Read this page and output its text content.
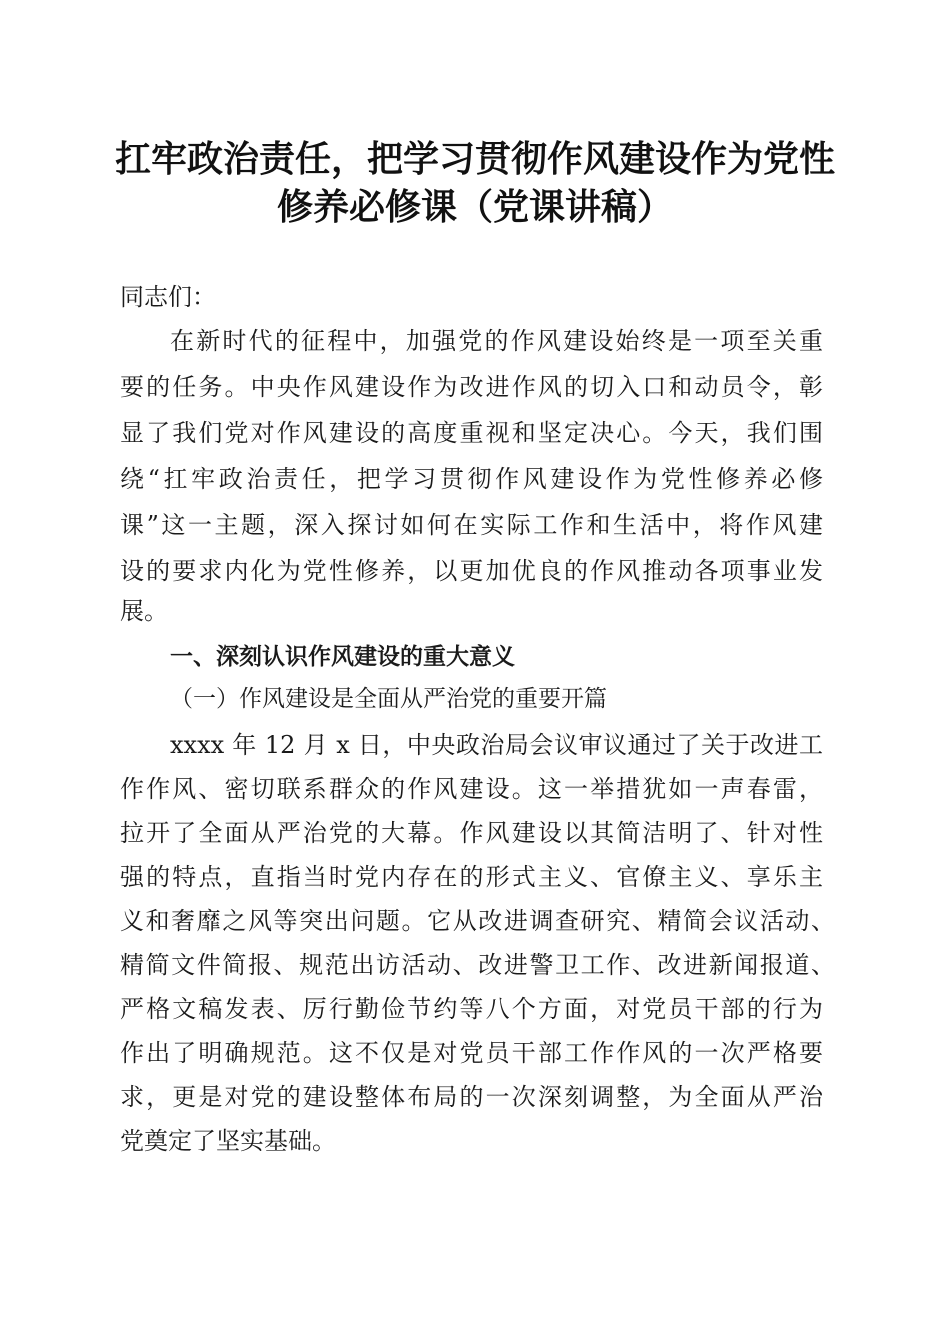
扛牢政治责任，把学习贯彻作风建设作为党性
修养必修课（党课讲稿）
同志们：
在新时代的征程中，加强党的作风建设始终是一项至关重
要的任务。中央作风建设作为改进作风的切入口和动员令，彰
显了我们党对作风建设的高度重视和坚定决心。今天，我们围
绕“扛牢政治责任，把学习贯彻作风建设作为党性修养必修
课”这一主题，深入探讨如何在实际工作和生活中，将作风建
设的要求内化为党性修养，以更加优良的作风推动各项事业发
展。
一、深刻认识作风建设的重大意义
（一）作风建设是全面从严治党的重要开篇
xxxx 年 12 月 x 日，中央政治局会议审议通过了关于改进工
作作风、密切联系群众的作风建设。这一举措犹如一声春雷，
拉开了全面从严治党的大幕。作风建设以其简洁明了、针对性
强的特点，直指当时党内存在的形式主义、官僚主义、享乐主
义和奢靡之风等突出问题。它从改进调查研究、精简会议活动、
精简文件简报、规范出访活动、改进警卫工作、改进新闻报道、
严格文稿发表、厉行勤俭节约等八个方面，对党员干部的行为
作出了明确规范。这不仅是对党员干部工作作风的一次严格要
求，更是对党的建设整体布局的一次深刻调整，为全面从严治
党奠定了坚实基础。
